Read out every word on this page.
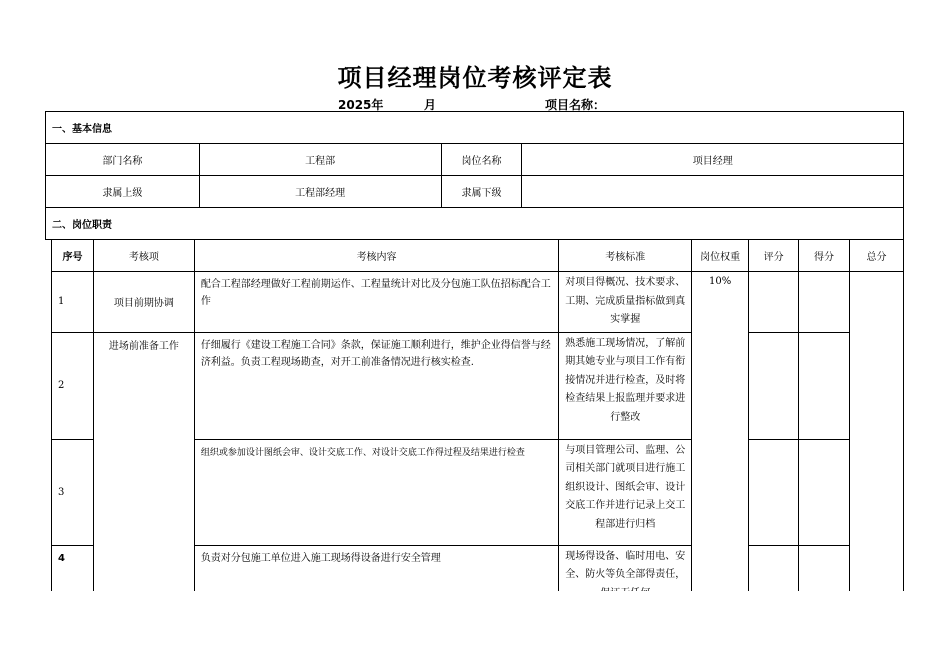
项目经理岗位考核评定表
2025年	月	项目名称：
一、基本信息			
部门名称	工程部	岗位名称	项目经理
隶属上级	工程部经理	隶属下级	
二、岗位职责			
序号	考核项	考核内容	考核标准	岗位权重	评分	得分	总分
1	项目前期协调	配合工程部经理做好工程前期运作、工程量统计对比及分包施工队伍招标配合工作	对项目得概况、技术要求、工期、完成质量指标做到真实掌握	10%			
2	进场前准备工作	仔细履行《建设工程施工合同》条款，保证施工顺利进行，维护企业得信誉与经济利益。负责工程现场勘查，对开工前准备情况进行核实检查.	熟悉施工现场情况，了解前期其她专业与项目工作有衔接情况并进行检查，及时将检查结果上报监理并要求进行整改				
3		组织或参加设计图纸会审、设计交底工作、对设计交底工作得过程及结果进行检查	与项目管理公司、监理、公司相关部门就项目进行施工组织设计、图纸会审、设计交底工作并进行记录上交工程部进行归档				
4		负责对分包施工单位进入施工现场得设备进行安全管理	现场得设备、临时用电、安全、防火等负全部得责任，				
